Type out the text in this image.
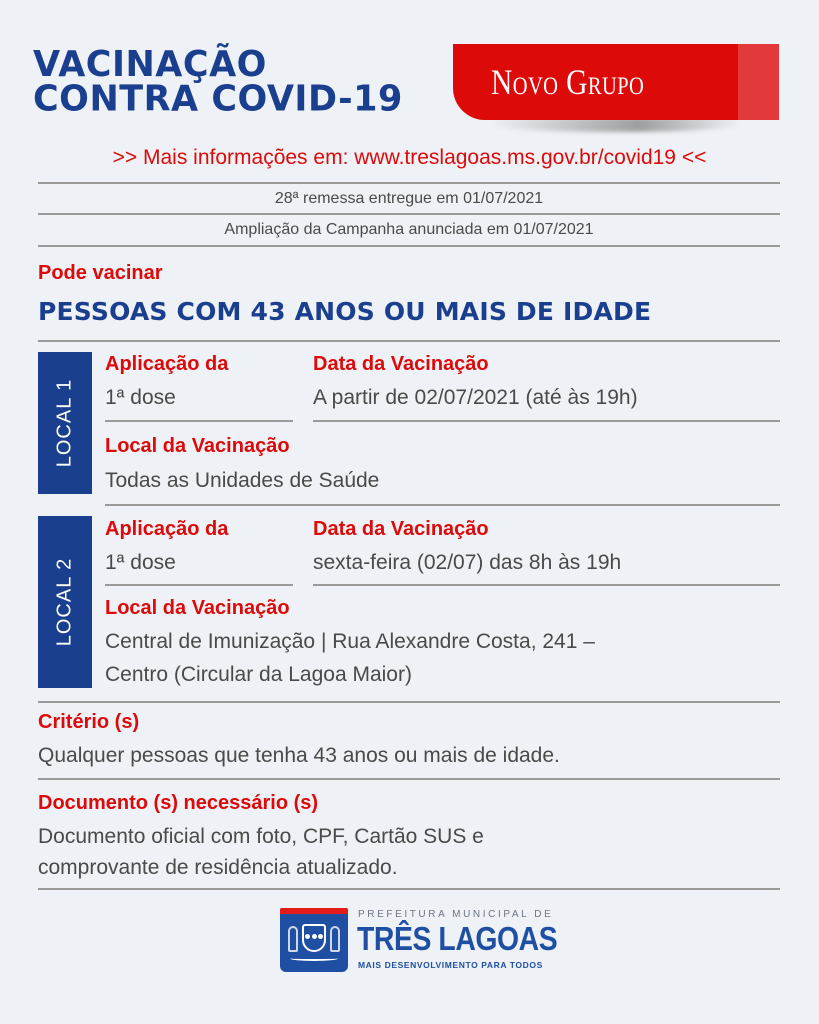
VACINAÇÃO
CONTRA COVID-19 Novo Grupo
>> Mais informações em: www.treslagoas.ms.gov.br/covid19 <<
28ª remessa entregue em 01/07/2021
Ampliação da Campanha anunciada em 01/07/2021
Pode vacinar
PESSOAS COM 43 ANOS OU MAIS DE IDADE
LOCAL 1
Aplicação da
1ª dose
Data da Vacinação
A partir de 02/07/2021 (até às 19h)
Local da Vacinação
Todas as Unidades de Saúde
LOCAL 2
Aplicação da
1ª dose
Data da Vacinação
sexta-feira (02/07) das 8h às 19h
Local da Vacinação
Central de Imunização | Rua Alexandre Costa, 241 –
Centro (Circular da Lagoa Maior)
Critério (s)
Qualquer pessoas que tenha 43 anos ou mais de idade.
Documento (s) necessário (s)
Documento oficial com foto, CPF, Cartão SUS e
comprovante de residência atualizado.
PREFEITURA MUNICIPAL DE
TRÊS LAGOAS
MAIS DESENVOLVIMENTO PARA TODOS
